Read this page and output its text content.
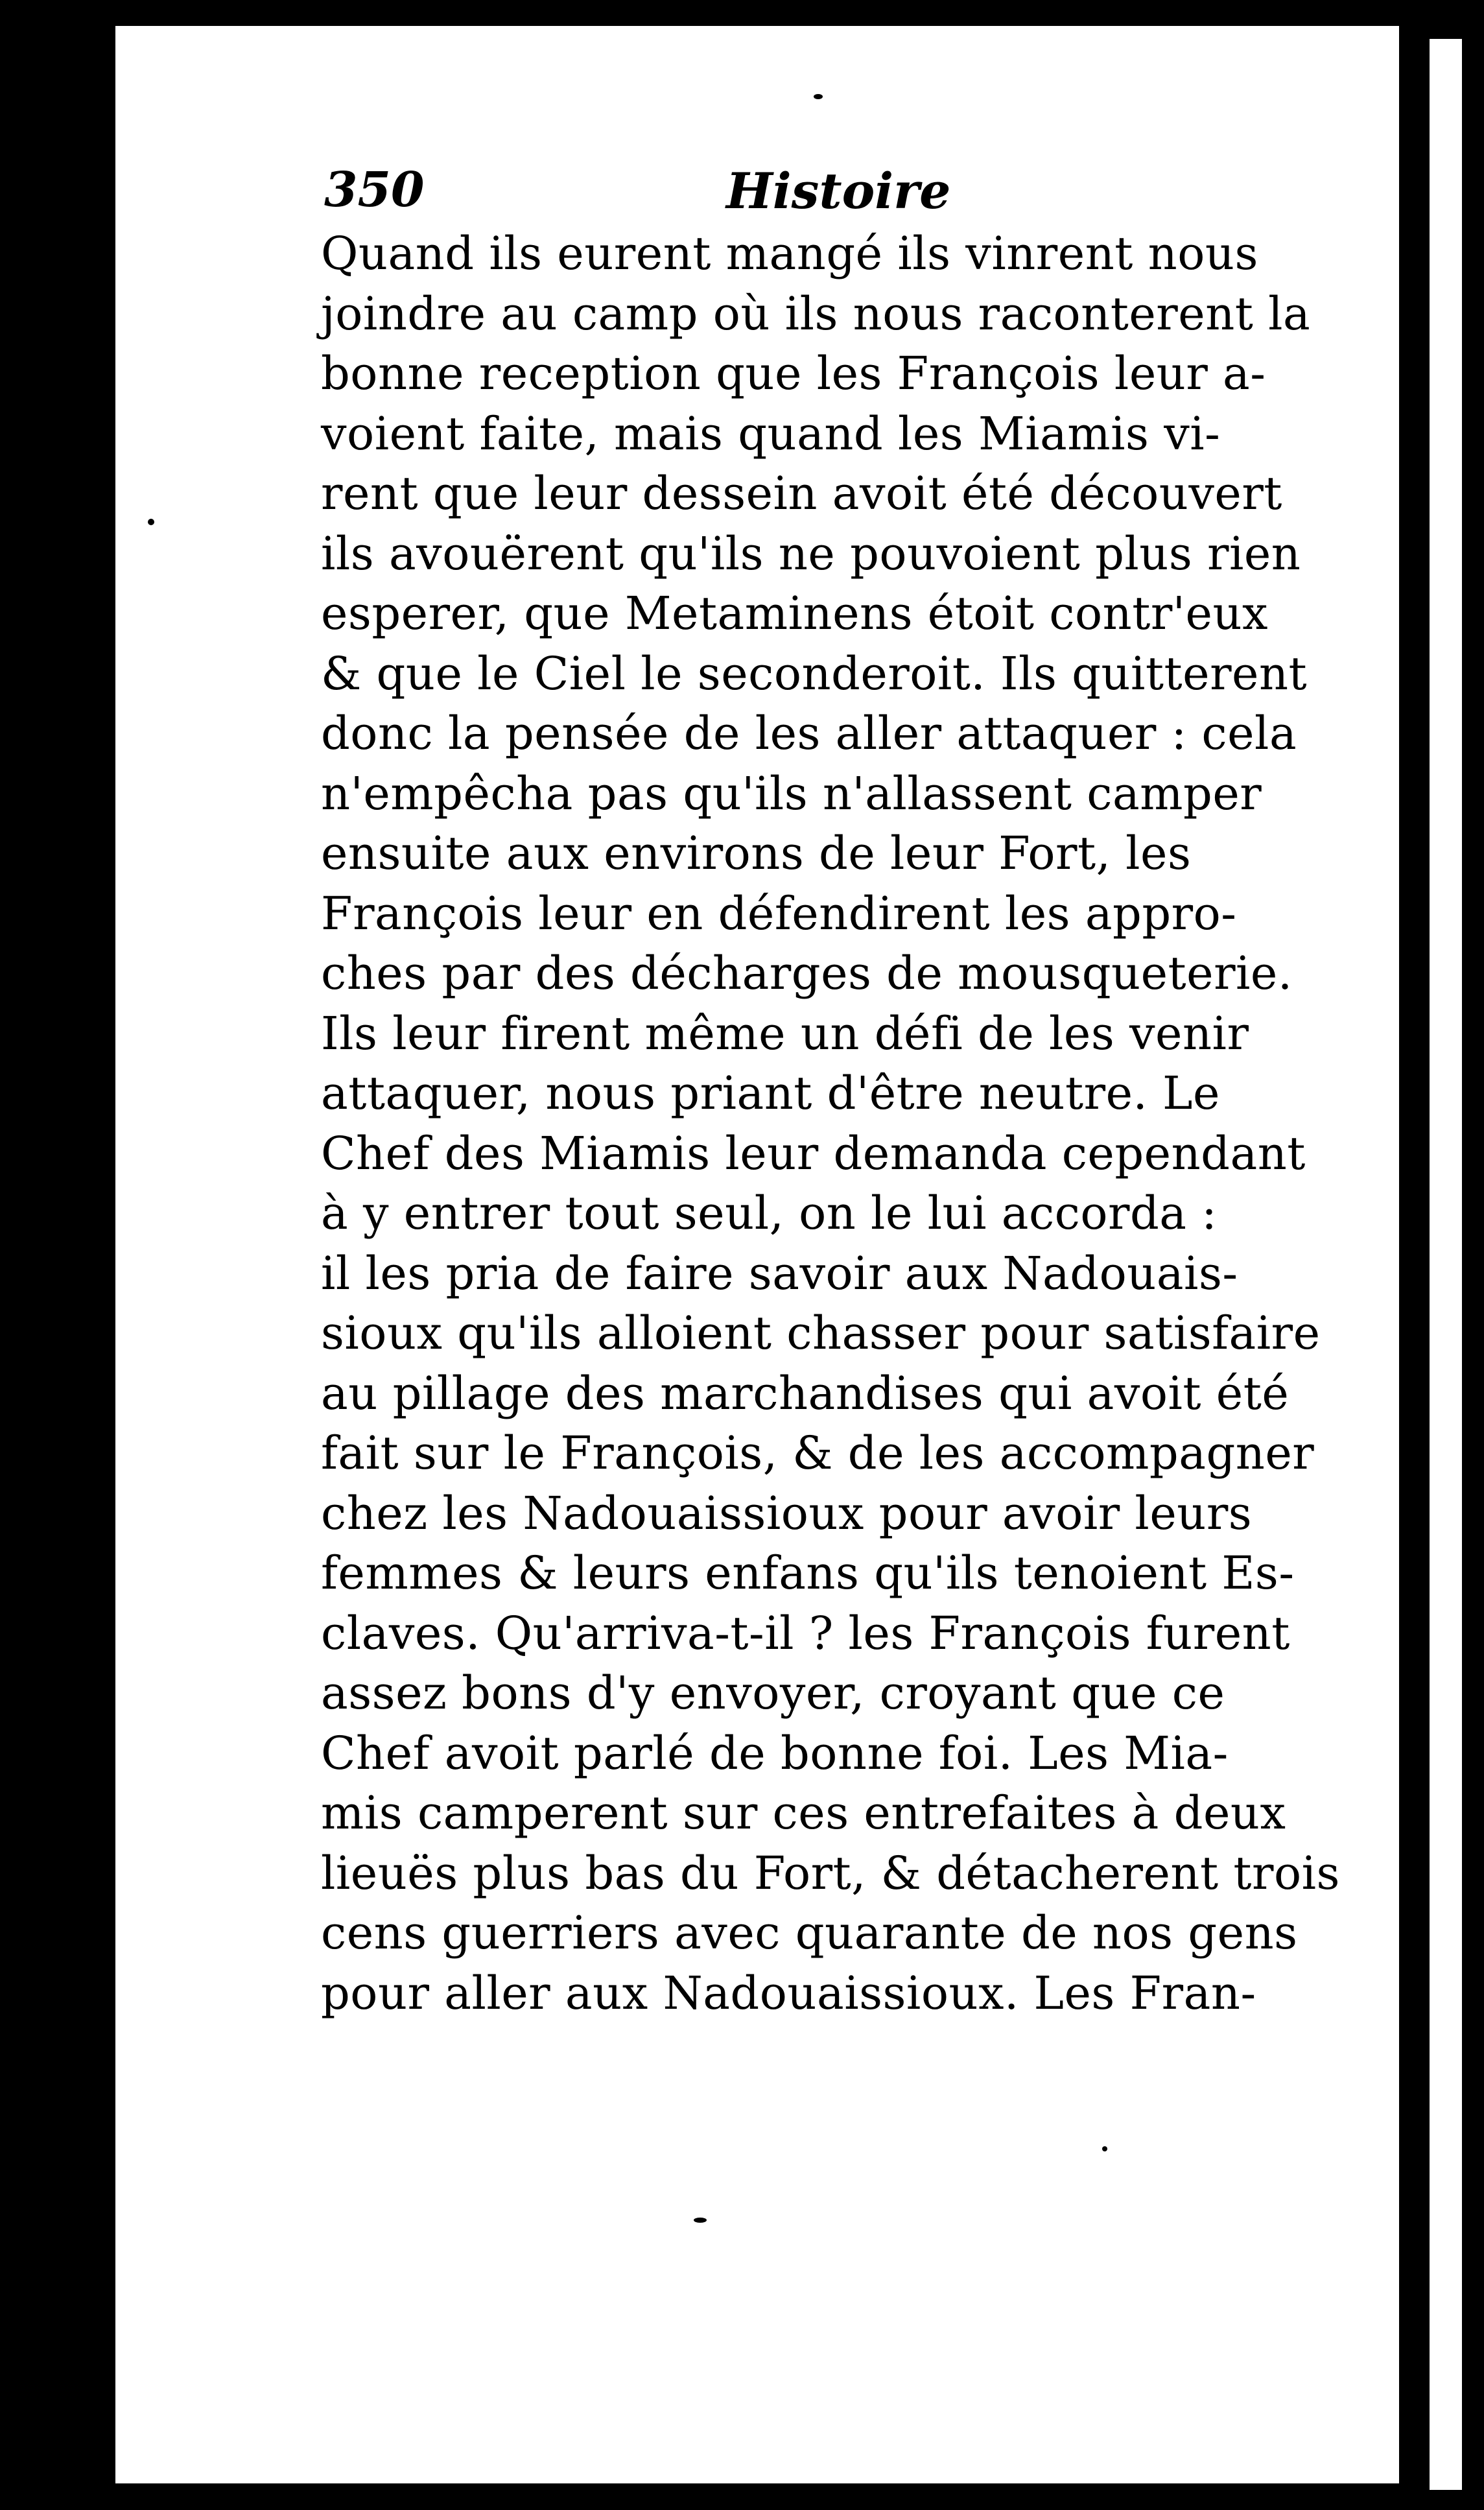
350	Histoire
Quand ils eurent mangé ils vinrent nous
joindre au camp où ils nous raconterent la
bonne reception que les François leur a-
voient faite, mais quand les Miamis vi-
rent que leur dessein avoit été découvert
ils avouërent qu'ils ne pouvoient plus rien
esperer, que Metaminens étoit contr'eux
& que le Ciel le seconderoit. Ils quitterent
donc la pensée de les aller attaquer : cela
n'empêcha pas qu'ils n'allassent camper
ensuite aux environs de leur Fort, les
François leur en défendirent les appro-
ches par des décharges de mousqueterie.
Ils leur firent même un défi de les venir
attaquer, nous priant d'être neutre. Le
Chef des Miamis leur demanda cependant
à y entrer tout seul, on le lui accorda :
il les pria de faire savoir aux Nadouais-
sioux qu'ils alloient chasser pour satisfaire
au pillage des marchandises qui avoit été
fait sur le François, & de les accompagner
chez les Nadouaissioux pour avoir leurs
femmes & leurs enfans qu'ils tenoient Es-
claves. Qu'arriva-t-il ? les François furent
assez bons d'y envoyer, croyant que ce
Chef avoit parlé de bonne foi. Les Mia-
mis camperent sur ces entrefaites à deux
lieuës plus bas du Fort, & détacherent trois
cens guerriers avec quarante de nos gens
pour aller aux Nadouaissioux. Les Fran-
